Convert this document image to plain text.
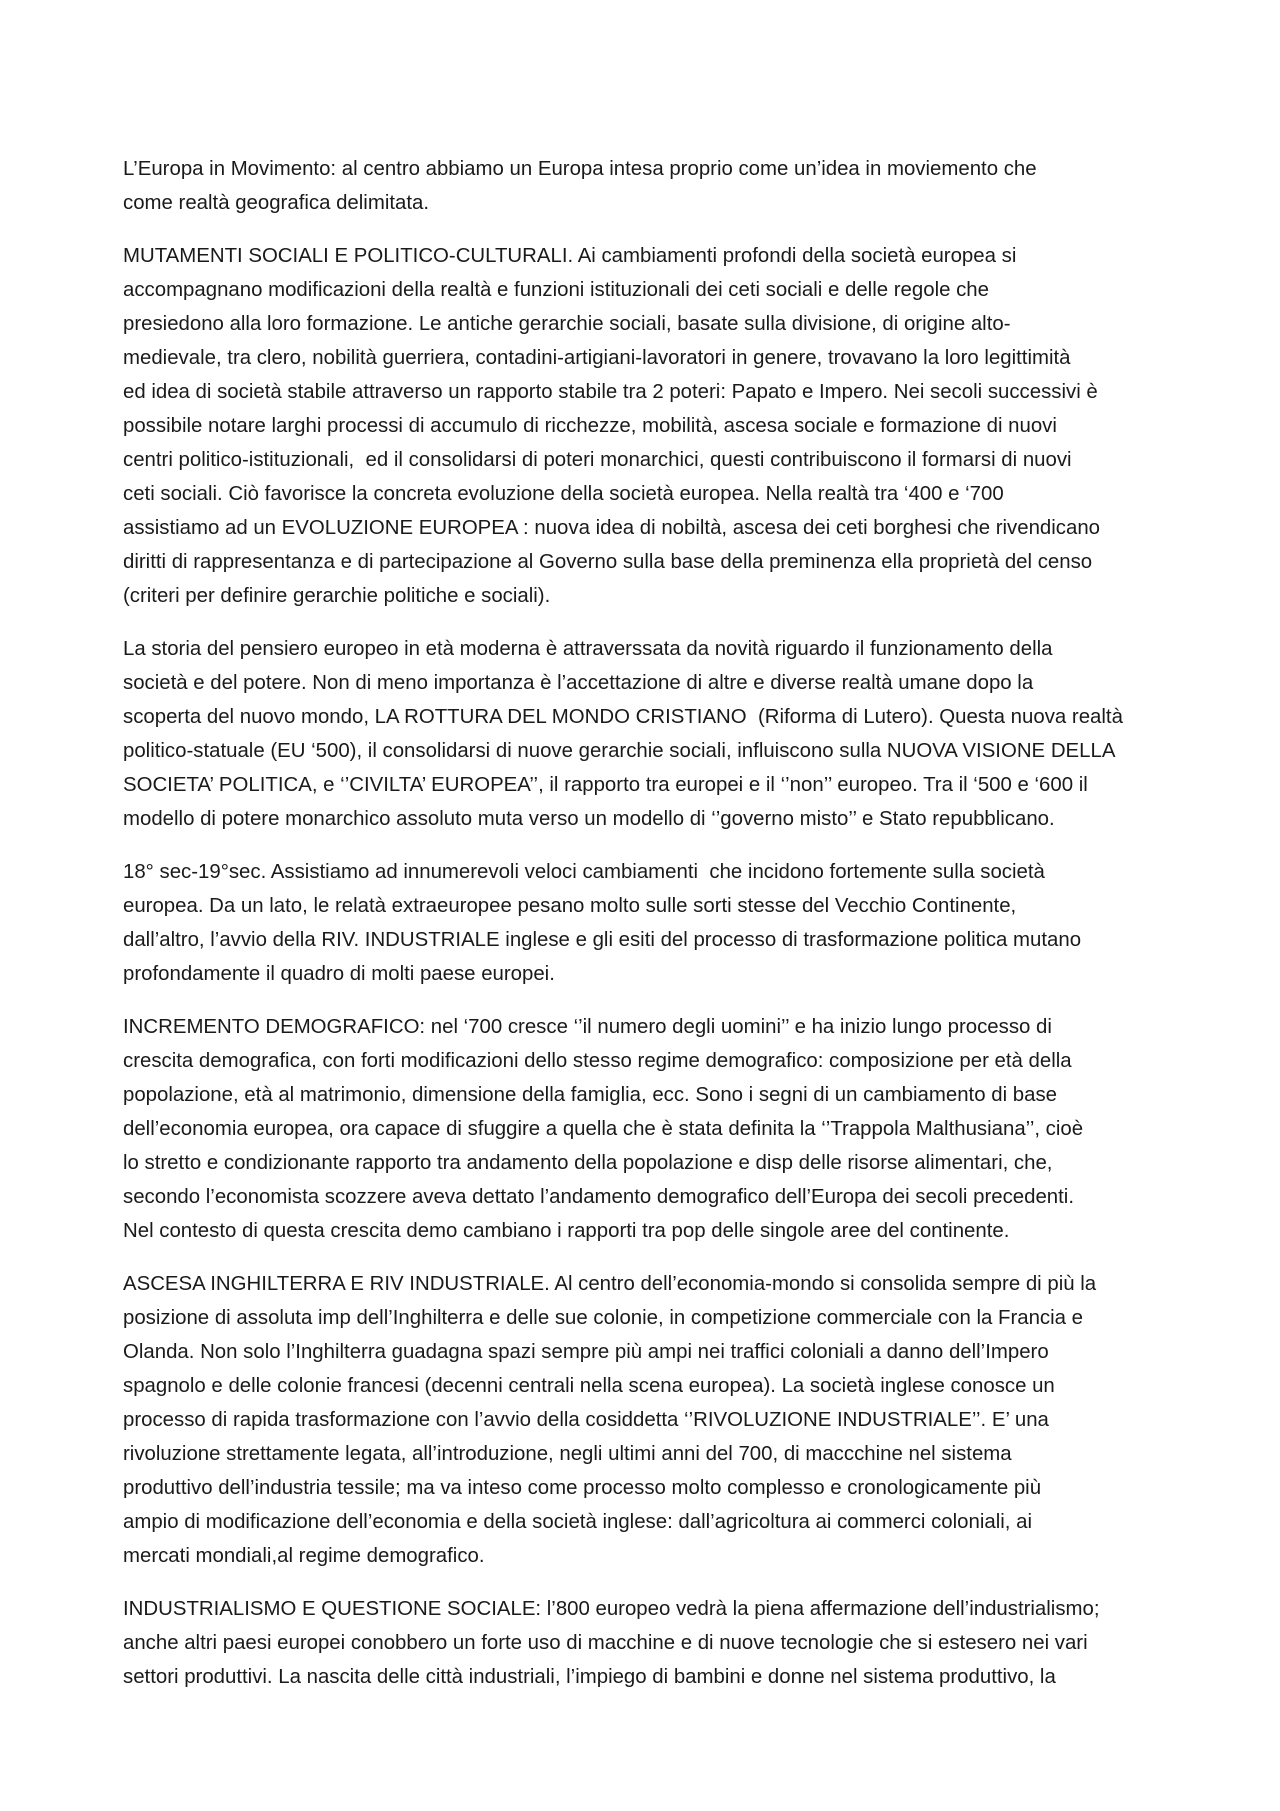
L’Europa in Movimento: al centro abbiamo un Europa intesa proprio come un’idea in moviemento che
come realtà geografica delimitata.

MUTAMENTI SOCIALI E POLITICO-CULTURALI. Ai cambiamenti profondi della società europea si
accompagnano modificazioni della realtà e funzioni istituzionali dei ceti sociali e delle regole che
presiedono alla loro formazione. Le antiche gerarchie sociali, basate sulla divisione, di origine alto-
medievale, tra clero, nobilità guerriera, contadini-artigiani-lavoratori in genere, trovavano la loro legittimità
ed idea di società stabile attraverso un rapporto stabile tra 2 poteri: Papato e Impero. Nei secoli successivi è
possibile notare larghi processi di accumulo di ricchezze, mobilità, ascesa sociale e formazione di nuovi
centri politico-istituzionali,  ed il consolidarsi di poteri monarchici, questi contribuiscono il formarsi di nuovi
ceti sociali. Ciò favorisce la concreta evoluzione della società europea. Nella realtà tra ‘400 e ‘700
assistiamo ad un EVOLUZIONE EUROPEA : nuova idea di nobiltà, ascesa dei ceti borghesi che rivendicano
diritti di rappresentanza e di partecipazione al Governo sulla base della preminenza ella proprietà del censo
(criteri per definire gerarchie politiche e sociali).

La storia del pensiero europeo in età moderna è attraverssata da novità riguardo il funzionamento della
società e del potere. Non di meno importanza è l’accettazione di altre e diverse realtà umane dopo la
scoperta del nuovo mondo, LA ROTTURA DEL MONDO CRISTIANO  (Riforma di Lutero). Questa nuova realtà
politico-statuale (EU ‘500), il consolidarsi di nuove gerarchie sociali, influiscono sulla NUOVA VISIONE DELLA
SOCIETA’ POLITICA, e ‘’CIVILTA’ EUROPEA’’, il rapporto tra europei e il ‘’non’’ europeo. Tra il ‘500 e ‘600 il
modello di potere monarchico assoluto muta verso un modello di ‘’governo misto’’ e Stato repubblicano.

18° sec-19°sec. Assistiamo ad innumerevoli veloci cambiamenti  che incidono fortemente sulla società
europea. Da un lato, le relatà extraeuropee pesano molto sulle sorti stesse del Vecchio Continente,
dall’altro, l’avvio della RIV. INDUSTRIALE inglese e gli esiti del processo di trasformazione politica mutano
profondamente il quadro di molti paese europei.

INCREMENTO DEMOGRAFICO: nel ‘700 cresce ‘’il numero degli uomini’’ e ha inizio lungo processo di
crescita demografica, con forti modificazioni dello stesso regime demografico: composizione per età della
popolazione, età al matrimonio, dimensione della famiglia, ecc. Sono i segni di un cambiamento di base
dell’economia europea, ora capace di sfuggire a quella che è stata definita la ‘’Trappola Malthusiana’’, cioè
lo stretto e condizionante rapporto tra andamento della popolazione e disp delle risorse alimentari, che,
secondo l’economista scozzere aveva dettato l’andamento demografico dell’Europa dei secoli precedenti.
Nel contesto di questa crescita demo cambiano i rapporti tra pop delle singole aree del continente.

ASCESA INGHILTERRA E RIV INDUSTRIALE. Al centro dell’economia-mondo si consolida sempre di più la
posizione di assoluta imp dell’Inghilterra e delle sue colonie, in competizione commerciale con la Francia e
Olanda. Non solo l’Inghilterra guadagna spazi sempre più ampi nei traffici coloniali a danno dell’Impero
spagnolo e delle colonie francesi (decenni centrali nella scena europea). La società inglese conosce un
processo di rapida trasformazione con l’avvio della cosiddetta ‘’RIVOLUZIONE INDUSTRIALE’’. E’ una
rivoluzione strettamente legata, all’introduzione, negli ultimi anni del 700, di maccchine nel sistema
produttivo dell’industria tessile; ma va inteso come processo molto complesso e cronologicamente più
ampio di modificazione dell’economia e della società inglese: dall’agricoltura ai commerci coloniali, ai
mercati mondiali,al regime demografico.

INDUSTRIALISMO E QUESTIONE SOCIALE: l’800 europeo vedrà la piena affermazione dell’industrialismo;
anche altri paesi europei conobbero un forte uso di macchine e di nuove tecnologie che si estesero nei vari
settori produttivi. La nascita delle città industriali, l’impiego di bambini e donne nel sistema produttivo, la
